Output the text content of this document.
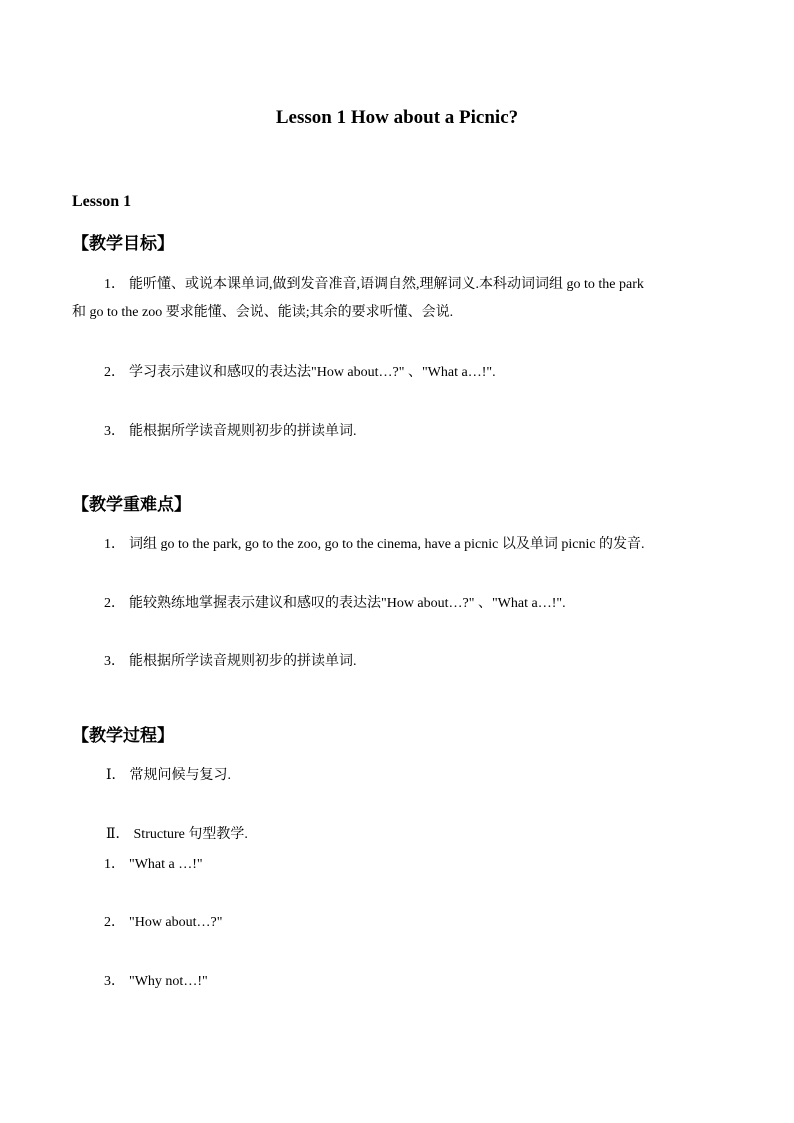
Lesson 1 How about a Picnic?
Lesson 1
【教学目标】
1． 能听懂、或说本课单词,做到发音准音,语调自然,理解词义.本科动词词组 go to the park
和 go to the zoo 要求能懂、会说、能读;其余的要求听懂、会说.
2． 学习表示建议和感叹的表达法"How about…?" 、"What a…!".
3． 能根据所学读音规则初步的拼读单词.
【教学重难点】
1． 词组 go to the park, go to the zoo, go to the cinema, have a picnic 以及单词 picnic 的发音.
2． 能较熟练地掌握表示建议和感叹的表达法"How about…?" 、"What a…!".
3． 能根据所学读音规则初步的拼读单词.
【教学过程】
Ⅰ． 常规问候与复习.
Ⅱ． Structure 句型教学.
1． "What a …!"
2． "How about…?"
3． "Why not…!"
